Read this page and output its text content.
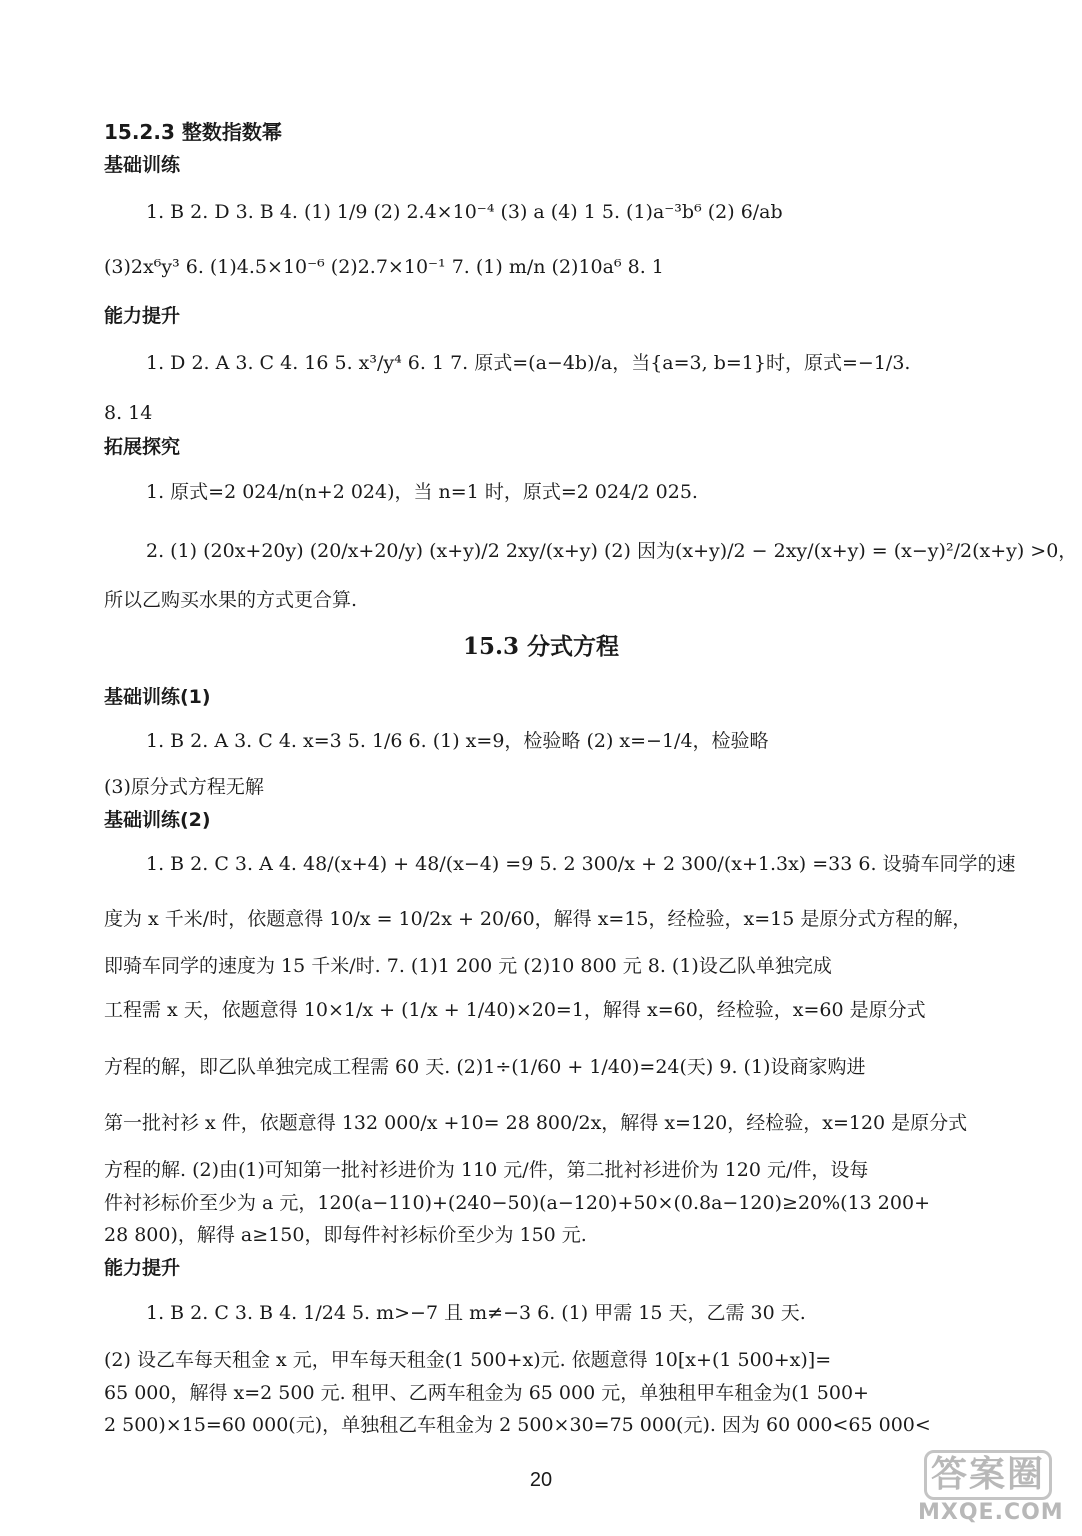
15.2.3 整数指数幂
基础训练
1. B 2. D 3. B 4. (1) 1/9 (2) 2.4×10⁻⁴ (3) a (4) 1 5. (1)a⁻³b⁶ (2) 6/ab
(3)2x⁶y³ 6. (1)4.5×10⁻⁶ (2)2.7×10⁻¹ 7. (1) m/n (2)10a⁶ 8. 1
能力提升
1. D 2. A 3. C 4. 16 5. x³/y⁴ 6. 1 7. 原式=(a−4b)/a，当{a=3, b=1}时，原式=−1/3.
8. 14
拓展探究
1. 原式=2 024/n(n+2 024)，当 n=1 时，原式=2 024/2 025.
2. (1) (20x+20y) (20/x+20/y) (x+y)/2 2xy/(x+y) (2) 因为(x+y)/2 − 2xy/(x+y) = (x−y)²/2(x+y) >0，
所以乙购买水果的方式更合算.
15.3 分式方程
基础训练(1)
1. B 2. A 3. C 4. x=3 5. 1/6 6. (1) x=9，检验略 (2) x=−1/4，检验略
(3)原分式方程无解
基础训练(2)
1. B 2. C 3. A 4. 48/(x+4) + 48/(x−4) =9 5. 2 300/x + 2 300/(x+1.3x) =33 6. 设骑车同学的速
度为 x 千米/时，依题意得 10/x = 10/2x + 20/60，解得 x=15，经检验，x=15 是原分式方程的解，
即骑车同学的速度为 15 千米/时. 7. (1)1 200 元 (2)10 800 元 8. (1)设乙队单独完成
工程需 x 天，依题意得 10×1/x + (1/x + 1/40)×20=1，解得 x=60，经检验，x=60 是原分式
方程的解，即乙队单独完成工程需 60 天. (2)1÷(1/60 + 1/40)=24(天) 9. (1)设商家购进
第一批衬衫 x 件，依题意得 132 000/x +10= 28 800/2x，解得 x=120，经检验，x=120 是原分式
方程的解. (2)由(1)可知第一批衬衫进价为 110 元/件，第二批衬衫进价为 120 元/件，设每
件衬衫标价至少为 a 元，120(a−110)+(240−50)(a−120)+50×(0.8a−120)≥20%(13 200+
28 800)，解得 a≥150，即每件衬衫标价至少为 150 元.
能力提升
1. B 2. C 3. B 4. 1/24 5. m>−7 且 m≠−3 6. (1) 甲需 15 天，乙需 30 天.
(2) 设乙车每天租金 x 元，甲车每天租金(1 500+x)元. 依题意得 10[x+(1 500+x)]=
65 000，解得 x=2 500 元. 租甲、乙两车租金为 65 000 元，单独租甲车租金为(1 500+
2 500)×15=60 000(元)，单独租乙车租金为 2 500×30=75 000(元). 因为 60 000<65 000<
20	答案圈
MXQE.COM
